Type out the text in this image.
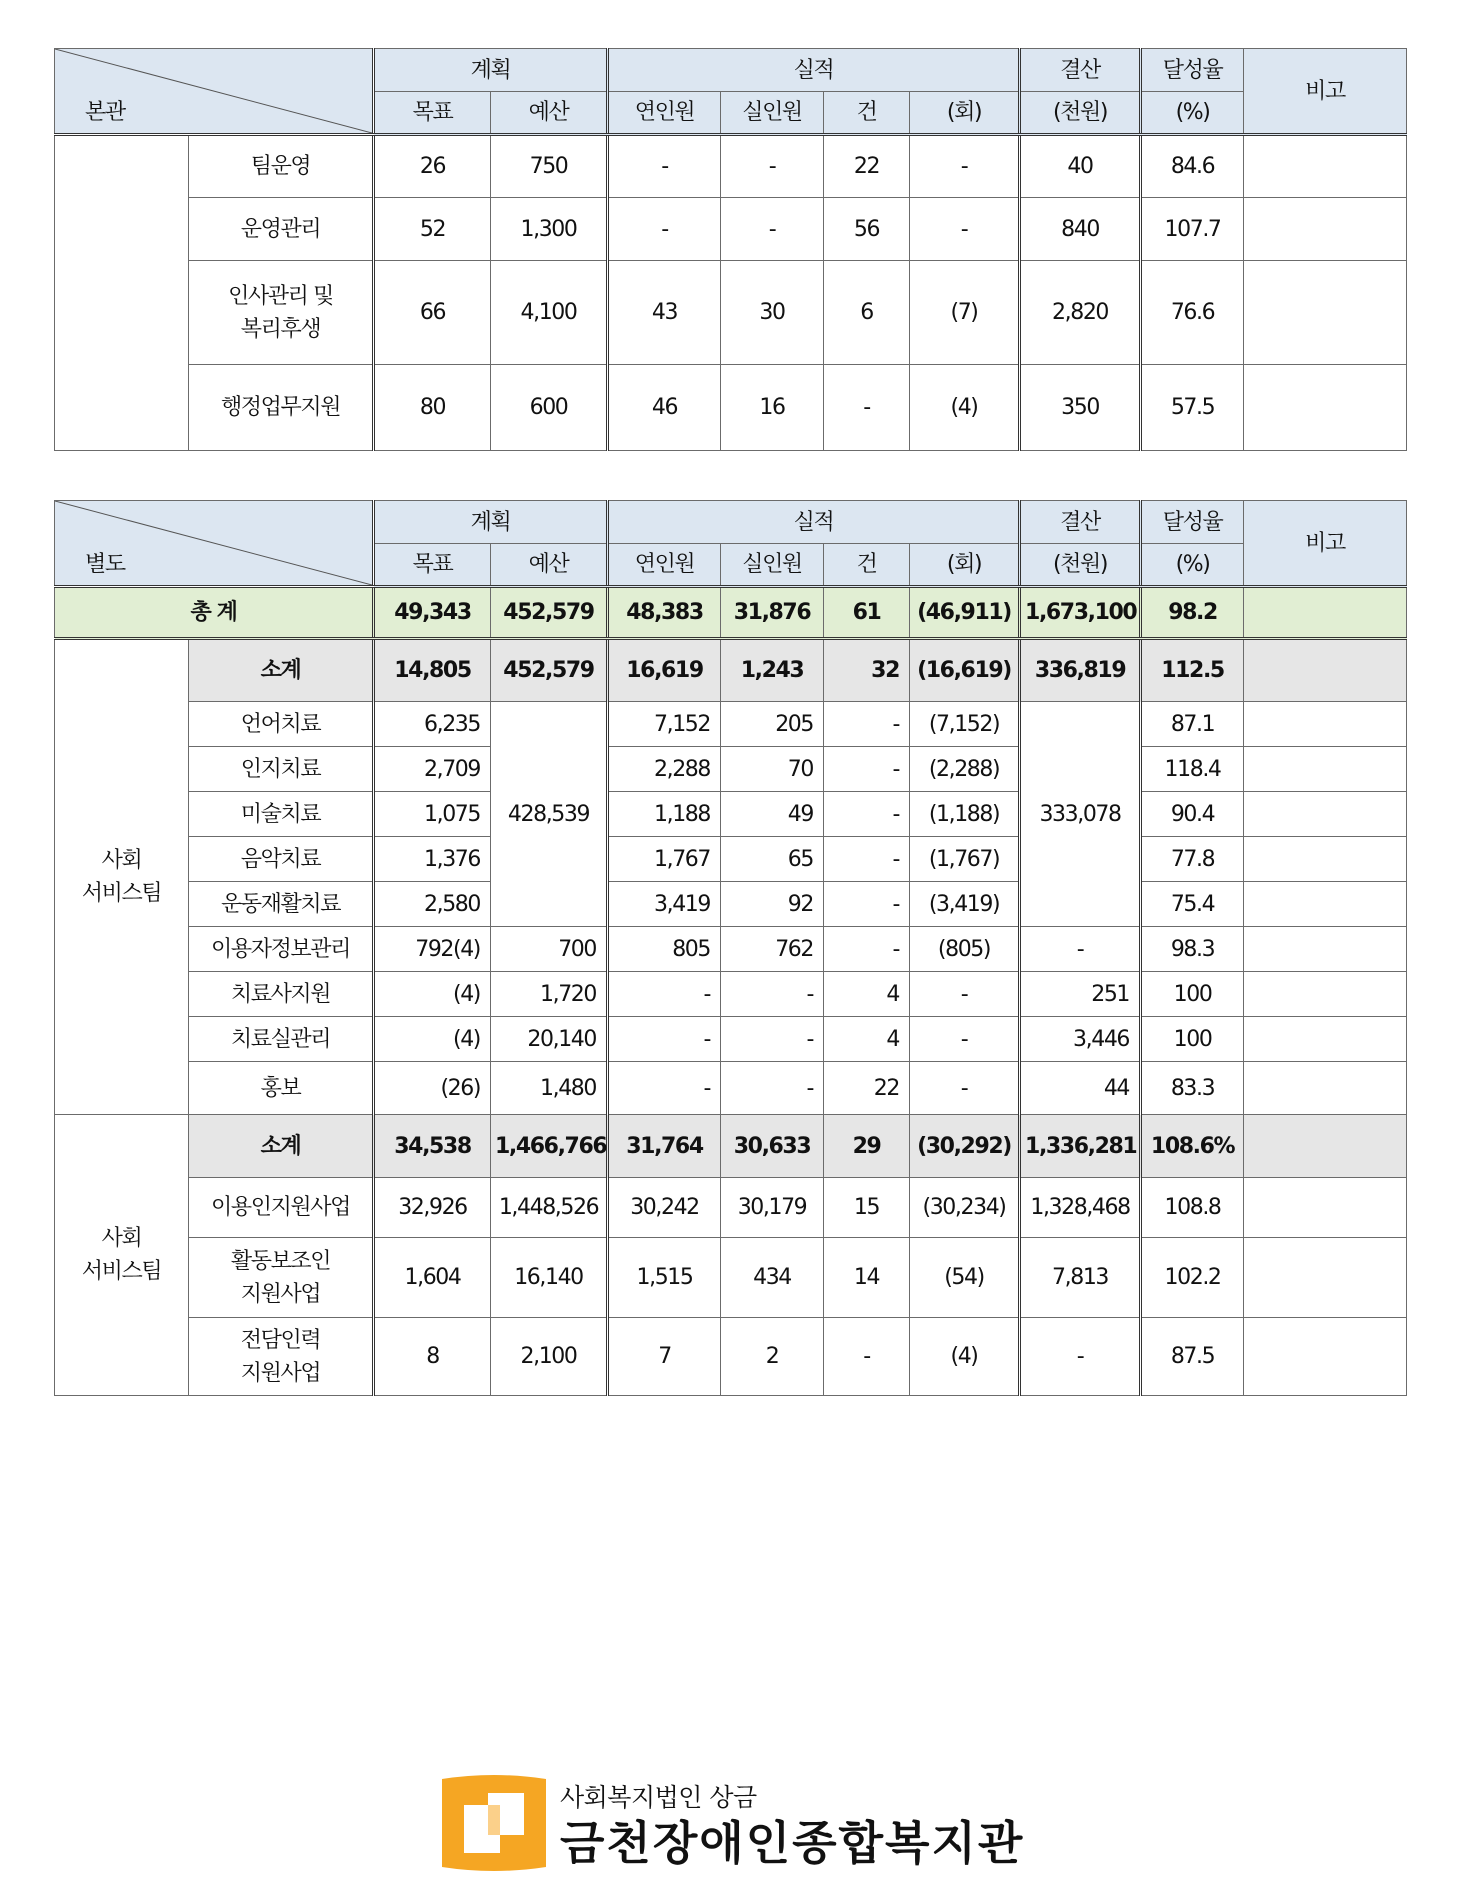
본관		계획		실적				결산	달성율	비고
		목표	예산	연인원	실인원	건	(회)	(천원)	(%)	
	팀운영	26	750	-	-	22	-	40	84.6	
	운영관리	52	1,300	-	-	56	-	840	107.7	

	인사관리 및
복리후생	66	4,100	43	30	6	(7)	2,820	76.6	
	행정업무지원	80	600	46	16	-	(4)	350	57.5	
별도		계획		실적				결산	달성율	비고
		목표	예산	연인원	실인원	건	(회)	(천원)	(%)	
총 계		49,343	452,579	48,383	31,876	61	(46,911)	1,673,100	98.2	

사회
서비스팀	소계	14,805	452,579	16,619	1,243	32	(16,619)	336,819	112.5	
	언어치료	6,235	428,539	7,152	205	-	(7,152)	333,078	87.1	
	인지치료	2,709		2,288	70	-	(2,288)		118.4	
	미술치료	1,075		1,188	49	-	(1,188)		90.4	
	음악치료	1,376		1,767	65	-	(1,767)		77.8	
	운동재활치료	2,580		3,419	92	-	(3,419)		75.4	
	이용자정보관리	792(4)	700	805	762	-	(805)	-	98.3	
	치료사지원	(4)	1,720	-	-	4	-	251	100	
	치료실관리	(4)	20,140	-	-	4	-	3,446	100	
	홍보	(26)	1,480	-	-	22	-	44	83.3	

사회
서비스팀	소계	34,538	1,466,766	31,764	30,633	29	(30,292)	1,336,281	108.6%	

	이용인지원사업	32,926	1,448,526	30,242	30,179	15	(30,234)	1,328,468	108.8	

	활동보조인
지원사업	1,604	16,140	1,515	434	14	(54)	7,813	102.2	

	전담인력
지원사업	8	2,100	7	2	-	(4)	-	87.5	
사회복지법인 상금
금천장애인종합복지관
